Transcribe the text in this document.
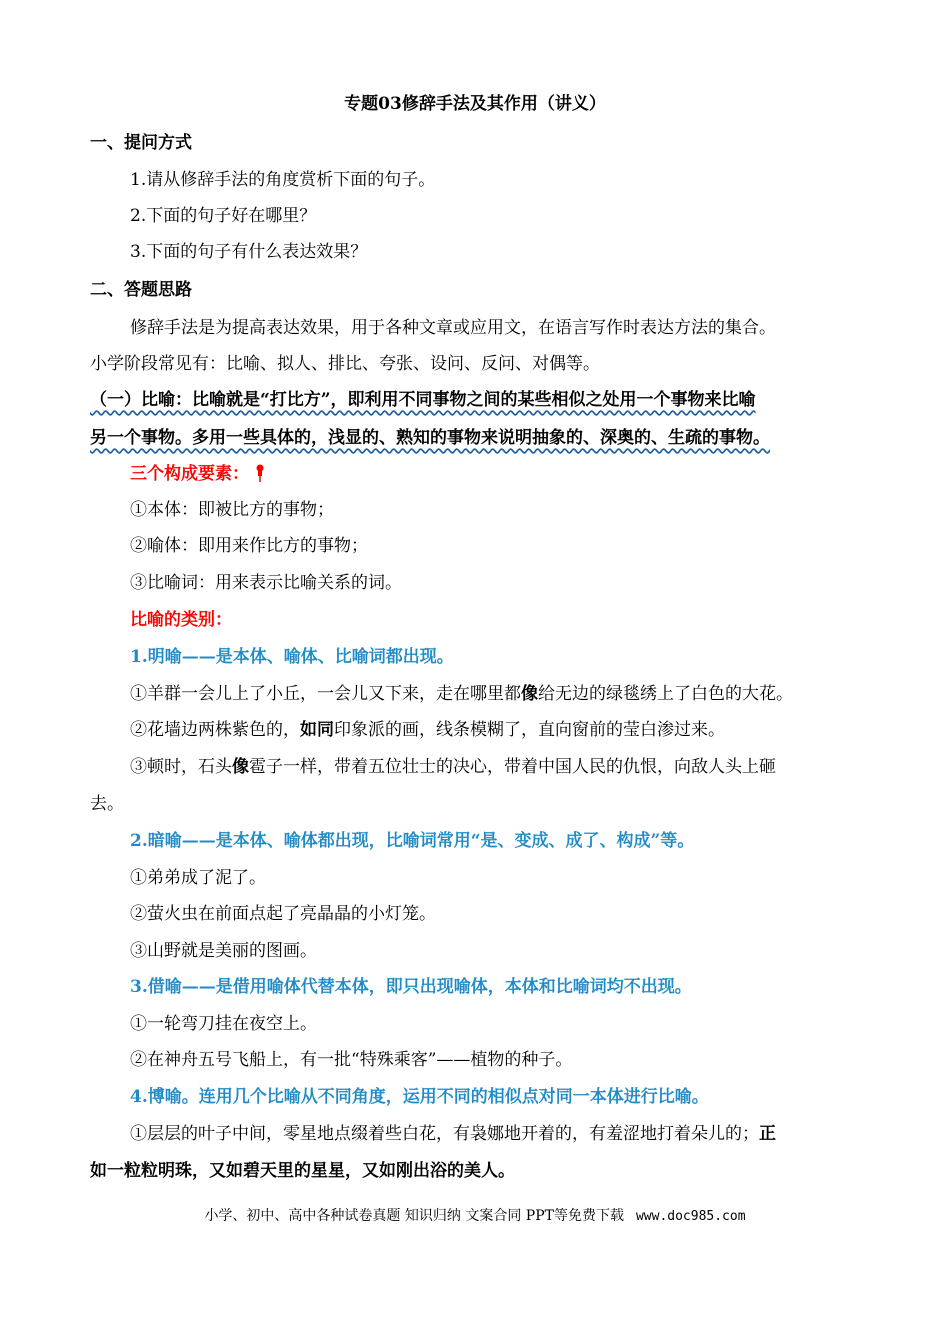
专题03修辞手法及其作用（讲义）
一、提问方式
1.请从修辞手法的角度赏析下面的句子。
2.下面的句子好在哪里？
3.下面的句子有什么表达效果？
二、答题思路
修辞手法是为提高表达效果，用于各种文章或应用文，在语言写作时表达方法的集合。
小学阶段常见有：比喻、拟人、排比、夸张、设问、反问、对偶等。
（一）比喻：比喻就是“打比方”，即利用不同事物之间的某些相似之处用一个事物来比喻
另一个事物。多用一些具体的，浅显的、熟知的事物来说明抽象的、深奥的、生疏的事物。
三个构成要素：
①本体：即被比方的事物；
②喻体：即用来作比方的事物；
③比喻词：用来表示比喻关系的词。
比喻的类别：
1.明喻——是本体、喻体、比喻词都出现。
①羊群一会儿上了小丘，一会儿又下来，走在哪里都像给无边的绿毯绣上了白色的大花。
②花墙边两株紫色的，如同印象派的画，线条模糊了，直向窗前的莹白渗过来。
③顿时，石头像雹子一样，带着五位壮士的决心，带着中国人民的仇恨，向敌人头上砸
去。
2.暗喻——是本体、喻体都出现，比喻词常用“是、变成、成了、构成”等。
①弟弟成了泥了。
②萤火虫在前面点起了亮晶晶的小灯笼。
③山野就是美丽的图画。
3.借喻——是借用喻体代替本体，即只出现喻体，本体和比喻词均不出现。
①一轮弯刀挂在夜空上。
②在神舟五号飞船上，有一批“特殊乘客”——植物的种子。
4.博喻。连用几个比喻从不同角度，运用不同的相似点对同一本体进行比喻。
①层层的叶子中间，零星地点缀着些白花，有袅娜地开着的，有羞涩地打着朵儿的；正
如一粒粒明珠，又如碧天里的星星，又如刚出浴的美人。
小学、初中、高中各种试卷真题 知识归纳 文案合同 PPT等免费下载 www.doc985.com
